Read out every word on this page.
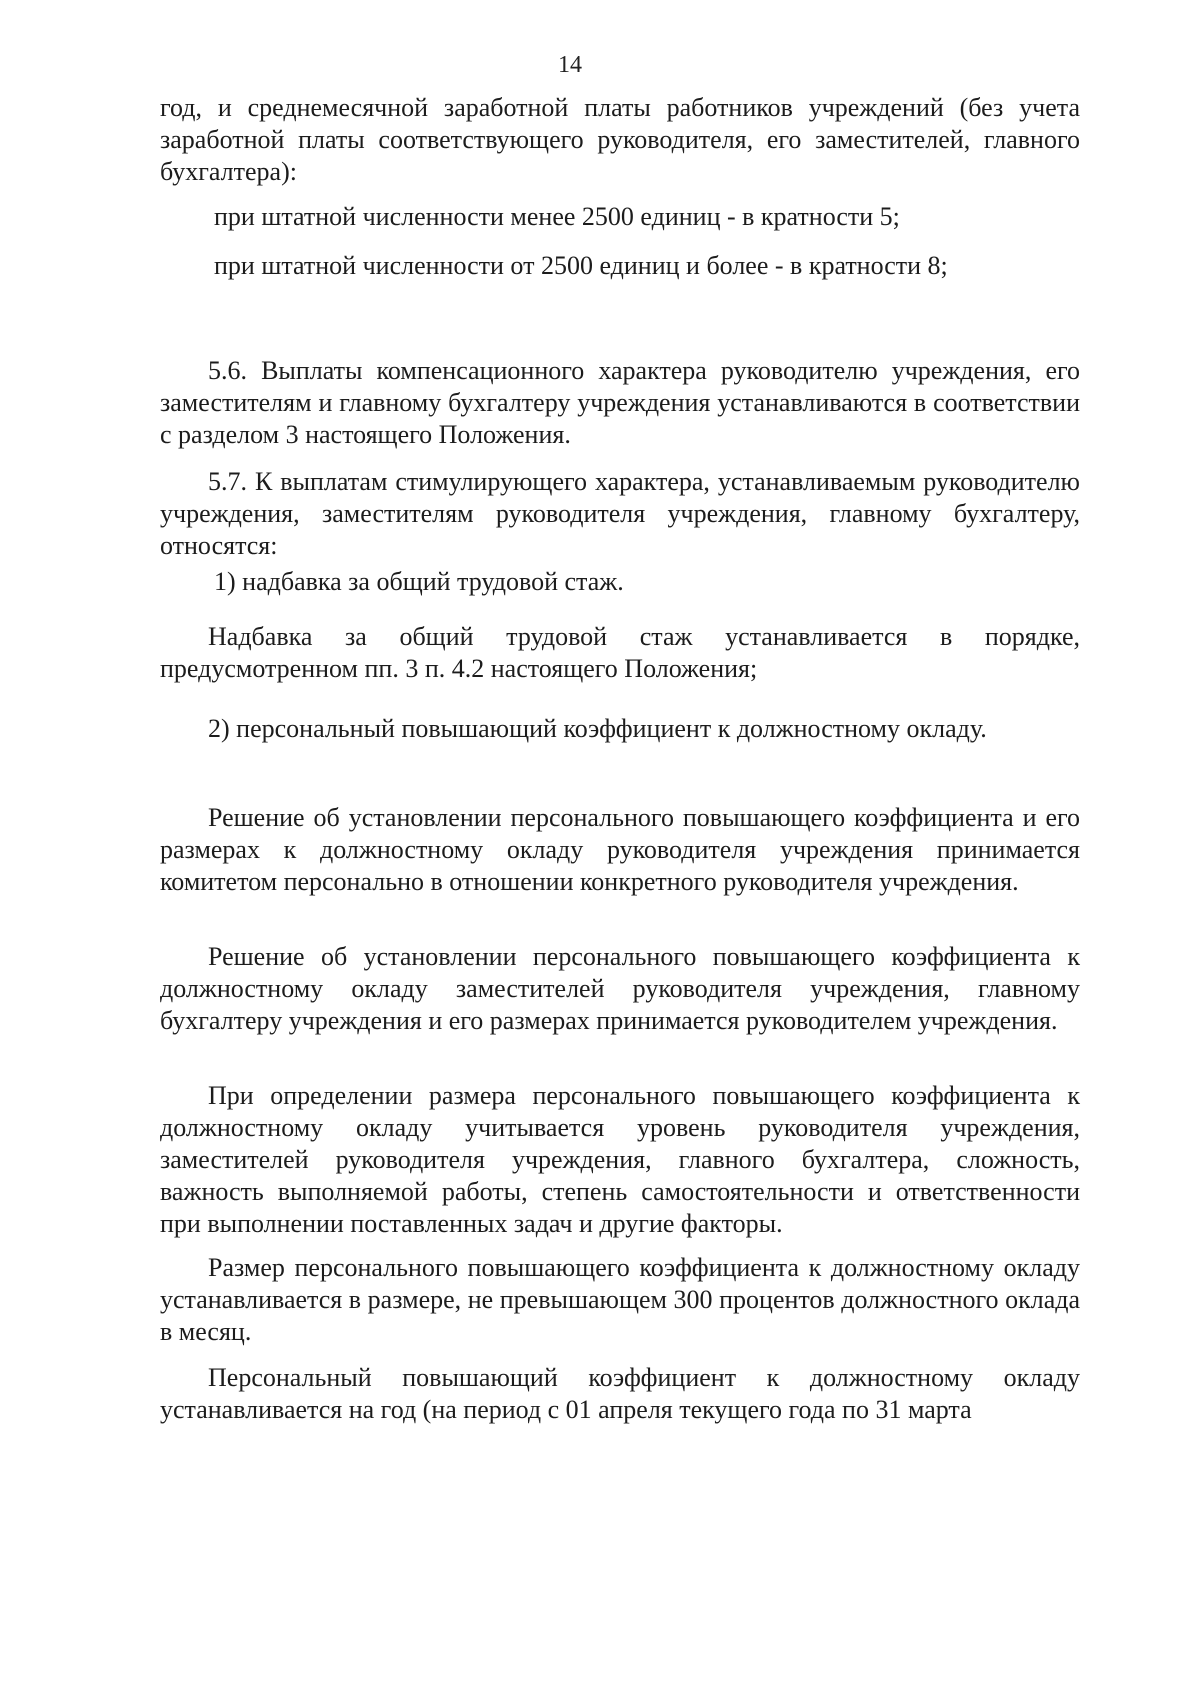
14
год, и среднемесячной заработной платы работников учреждений (без учета заработной платы соответствующего руководителя, его заместителей, главного бухгалтера):
при штатной численности менее 2500 единиц - в кратности 5;
при штатной численности от 2500 единиц и более - в кратности 8;
5.6. Выплаты компенсационного характера руководителю учреждения, его заместителям и главному бухгалтеру учреждения устанавливаются в соответствии с разделом 3 настоящего Положения.
5.7. К выплатам стимулирующего характера, устанавливаемым руководителю учреждения, заместителям руководителя учреждения, главному бухгалтеру, относятся:
1) надбавка за общий трудовой стаж.
Надбавка за общий трудовой стаж устанавливается в порядке, предусмотренном пп. 3 п. 4.2 настоящего Положения;
2) персональный повышающий коэффициент к должностному окладу.
Решение об установлении персонального повышающего коэффициента и его размерах к должностному окладу руководителя учреждения принимается комитетом персонально в отношении конкретного руководителя учреждения.
Решение об установлении персонального повышающего коэффициента к должностному окладу заместителей руководителя учреждения, главному бухгалтеру учреждения и его размерах принимается руководителем учреждения.
При определении размера персонального повышающего коэффициента к должностному окладу учитывается уровень руководителя учреждения, заместителей руководителя учреждения, главного бухгалтера, сложность, важность выполняемой работы, степень самостоятельности и ответственности при выполнении поставленных задач и другие факторы.
Размер персонального повышающего коэффициента к должностному окладу устанавливается в размере, не превышающем 300 процентов должностного оклада в месяц.
Персональный повышающий коэффициент к должностному окладу устанавливается на год (на период с 01 апреля текущего года по 31 марта
